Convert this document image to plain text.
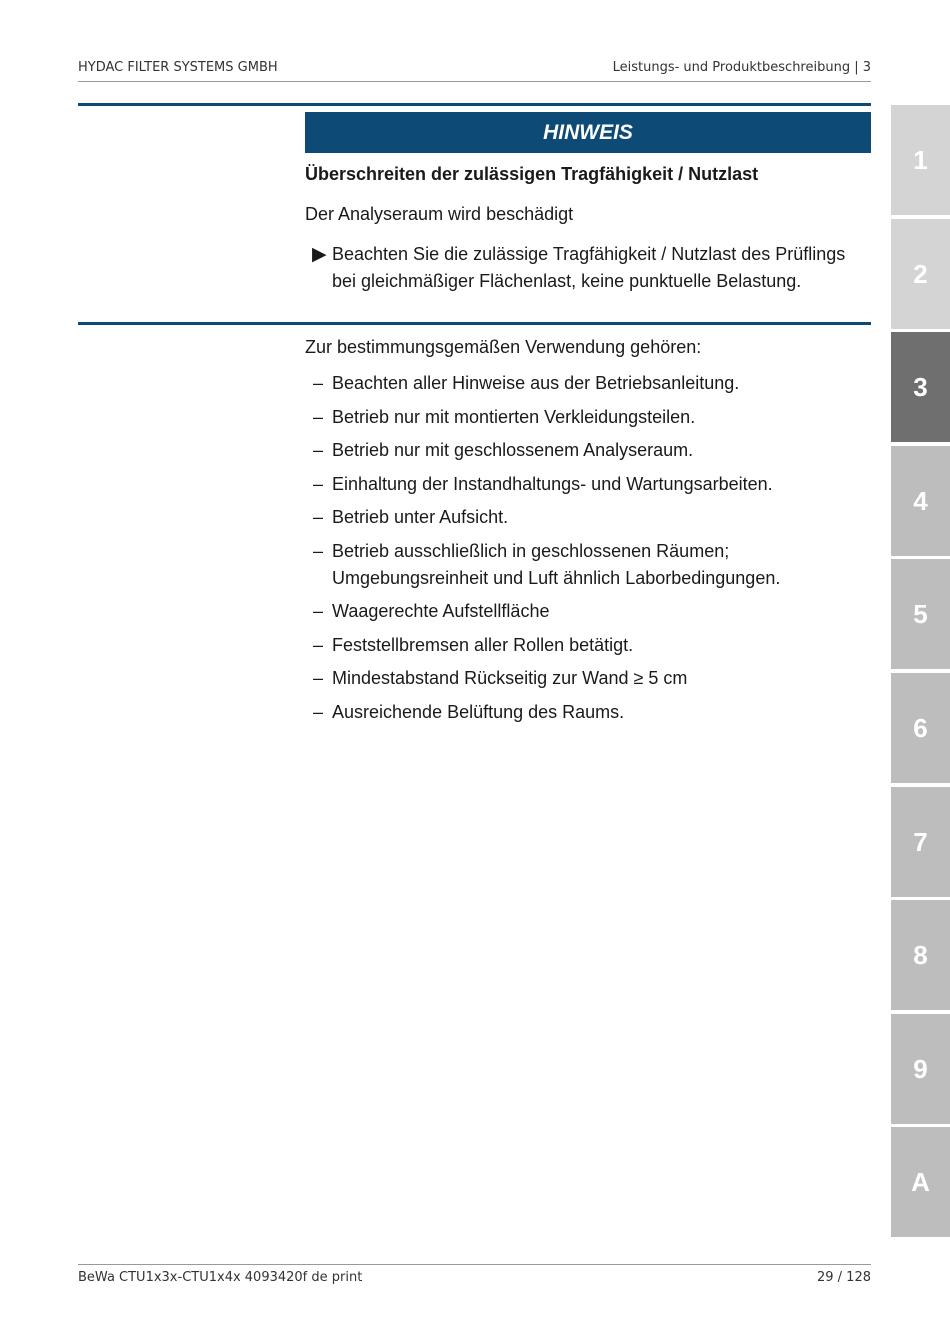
HYDAC FILTER SYSTEMS GMBH	Leistungs- und Produktbeschreibung | 3
HINWEIS
Überschreiten der zulässigen Tragfähigkeit / Nutzlast
Der Analyseraum wird beschädigt
▶ Beachten Sie die zulässige Tragfähigkeit / Nutzlast des Prüflings bei gleichmäßiger Flächenlast, keine punktuelle Belastung.
Zur bestimmungsgemäßen Verwendung gehören:
– Beachten aller Hinweise aus der Betriebsanleitung.
– Betrieb nur mit montierten Verkleidungsteilen.
– Betrieb nur mit geschlossenem Analyseraum.
– Einhaltung der Instandhaltungs- und Wartungsarbeiten.
– Betrieb unter Aufsicht.
– Betrieb ausschließlich in geschlossenen Räumen; Umgebungsreinheit und Luft ähnlich Laborbedingungen.
– Waagerechte Aufstellfläche
– Feststellbremsen aller Rollen betätigt.
– Mindestabstand Rückseitig zur Wand ≥ 5 cm
– Ausreichende Belüftung des Raums.
1
2
3
4
5
6
7
8
9
A
BeWa CTU1x3x-CTU1x4x 4093420f de print	29 / 128
